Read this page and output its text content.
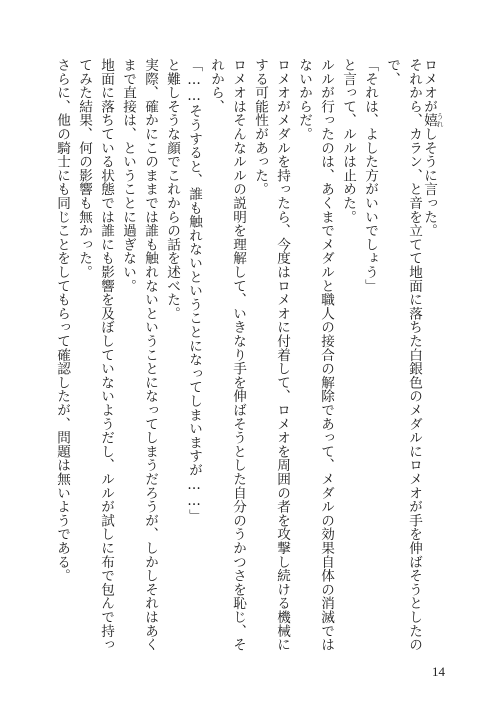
ロメオが嬉 うれしそうに言った。
それから、カラン、と音を立てて地面に落ちた白銀色のメダルにロメオが手を伸ばそうとしたの
で、
「それは、よした方がいいでしょう」
と言って、ルルは止めた。
ルルが行ったのは、あくまでメダルと職人の接合の解除であって、メダルの効果自体の消滅では
ないからだ。
ロメオがメダルを持ったら、今度はロメオに付着して、ロメオを周囲の者を攻撃し続ける機械に
する可能性があった。
ロメオはそんなルルの説明を理解して、いきなり手を伸ばそうとした自分のうかつさを恥じ、そ
れから、
「……そうすると、誰も触れないということになってしまいますが……」
と難しそうな顔でこれからの話を述べた。
実際、確かにこのままでは誰も触れないということになってしまうだろうが、しかしそれはあく
まで直接は、ということに過ぎない。
地面に落ちている状態では誰にも影響を及ぼしていないようだし、ルルが試しに布で包んで持っ
てみた結果、何の影響も無かった。
さらに、他の騎士にも同じことをしてもらって確認したが、問題は無いようである。
14
